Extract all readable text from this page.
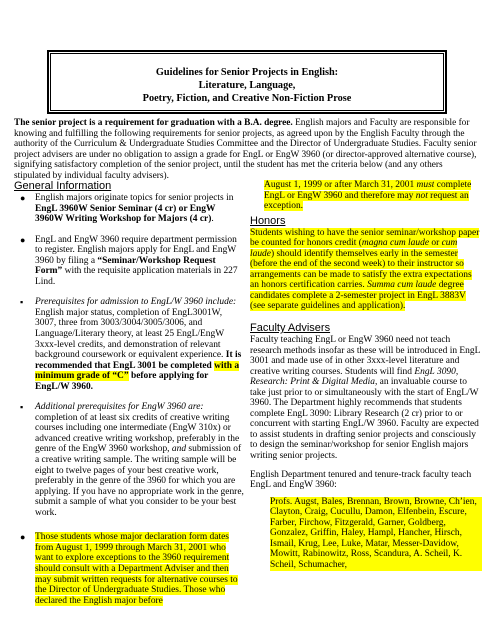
Guidelines for Senior Projects in English:
Literature, Language,
Poetry, Fiction, and Creative Non-Fiction Prose
The senior project is a requirement for graduation with a B.A. degree. English majors and Faculty are responsible for knowing and fulfilling the following requirements for senior projects, as agreed upon by the English Faculty through the authority of the Curriculum & Undergraduate Studies Committee and the Director of Undergraduate Studies. Faculty senior project advisers are under no obligation to assign a grade for EngL or EngW 3960 (or director-approved alternative course), signifying satisfactory completion of the senior project, until the student has met the criteria below (and any others stipulated by individual faculty advisers).
General Information
● English majors originate topics for senior projects in EngL 3960W Senior Seminar (4 cr) or EngW 3960W Writing Workshop for Majors (4 cr).
● EngL and EngW 3960 require department permission to register. English majors apply for EngL and EngW 3960 by filing a “Seminar/Workshop Request Form” with the requisite application materials in 227 Lind.
▪ Prerequisites for admission to EngL/W 3960 include: English major status, completion of EngL3001W, 3007, three from 3003/3004/3005/3006, and Language/Literary theory, at least 25 EngL/EngW 3xxx-level credits, and demonstration of relevant background coursework or equivalent experience. It is recommended that EngL 3001 be completed with a minimum grade of “C” before applying for EngL/W 3960.
▪ Additional prerequisites for EngW 3960 are: completion of at least six credits of creative writing courses including one intermediate (EngW 310x) or advanced creative writing workshop, preferably in the genre of the EngW 3960 workshop, and submission of a creative writing sample. The writing sample will be eight to twelve pages of your best creative work, preferably in the genre of the 3960 for which you are applying. If you have no appropriate work in the genre, submit a sample of what you consider to be your best work.
● Those students whose major declaration form dates from August 1, 1999 through March 31, 2001 who want to explore exceptions to the 3960 requirement should consult with a Department Adviser and then may submit written requests for alternative courses to the Director of Undergraduate Studies. Those who declared the English major before

August 1, 1999 or after March 31, 2001 must complete EngL or EngW 3960 and therefore may not request an exception.

Honors

Students wishing to have the senior seminar/workshop paper be counted for honors credit (magna cum laude or cum laude) should identify themselves early in the semester (before the end of the second week) to their instructor so arrangements can be made to satisfy the extra expectations an honors certification carries. Summa cum laude degree candidates complete a 2-semester project in EngL 3883V (see separate guidelines and application).

Faculty Advisers

Faculty teaching EngL or EngW 3960 need not teach research methods insofar as these will be introduced in EngL 3001 and made use of in other 3xxx-level literature and creative writing courses. Students will find EngL 3090, Research: Print & Digital Media, an invaluable course to take just prior to or simultaneously with the start of EngL/W 3960. The Department highly recommends that students complete EngL 3090: Library Research (2 cr) prior to or concurrent with starting EngL/W 3960. Faculty are expected to assist students in drafting senior projects and consciously to design the seminar/workshop for senior English majors writing senior projects.

English Department tenured and tenure-track faculty teach EngL and EngW 3960:

Profs. Augst, Bales, Brennan, Brown, Browne, Ch’ien, Clayton, Craig, Cucullu, Damon, Elfenbein, Escure, Farber, Firchow, Fitzgerald, Garner, Goldberg, Gonzalez, Griffin, Haley, Hampl, Hancher, Hirsch, Ismail, Krug, Lee, Luke, Matar, Messer-Davidow, Mowitt, Rabinowitz, Ross, Scandura, A. Scheil, K. Scheil, Schumacher,
